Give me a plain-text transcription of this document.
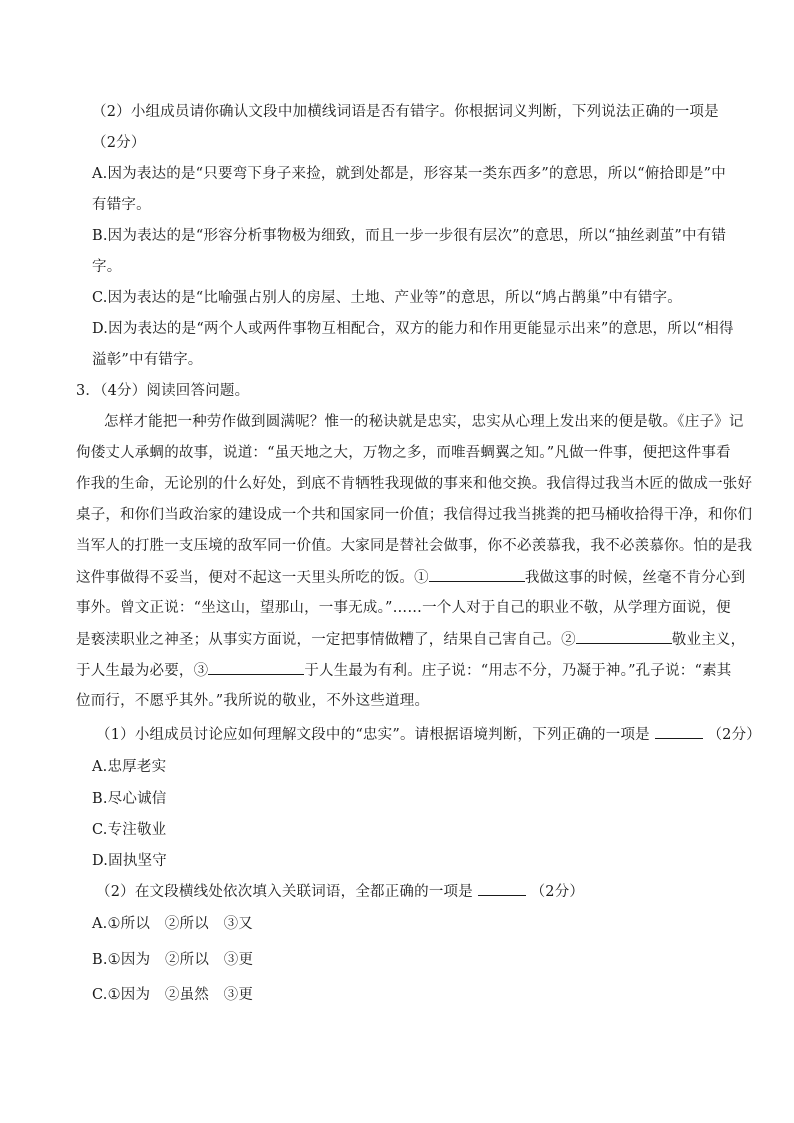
（2）小组成员请你确认文段中加横线词语是否有错字。你根据词义判断，下列说法正确的一项是
（2分）
A.因为表达的是“只要弯下身子来捡，就到处都是，形容某一类东西多”的意思，所以“俯拾即是”中
有错字。
B.因为表达的是“形容分析事物极为细致，而且一步一步很有层次”的意思，所以“抽丝剥茧”中有错
字。
C.因为表达的是“比喻强占别人的房屋、土地、产业等”的意思，所以“鸠占鹊巢”中有错字。
D.因为表达的是“两个人或两件事物互相配合，双方的能力和作用更能显示出来”的意思，所以“相得
溢彰”中有错字。
3．（4分）阅读回答问题。
怎样才能把一种劳作做到圆满呢？惟一的秘诀就是忠实，忠实从心理上发出来的便是敬。《庄子》记
佝偻丈人承蜩的故事，说道：“虽天地之大，万物之多，而唯吾蜩翼之知。”凡做一件事，便把这件事看
作我的生命，无论别的什么好处，到底不肯牺牲我现做的事来和他交换。我信得过我当木匠的做成一张好
桌子，和你们当政治家的建设成一个共和国家同一价值；我信得过我当挑粪的把马桶收拾得干净，和你们
当军人的打胜一支压境的敌军同一价值。大家同是替社会做事，你不必羡慕我，我不必羡慕你。怕的是我
这件事做得不妥当，便对不起这一天里头所吃的饭。①	我做这事的时候，丝毫不肯分心到
事外。曾文正说：“坐这山，望那山，一事无成。”……一个人对于自己的职业不敬，从学理方面说，便
是亵渎职业之神圣；从事实方面说，一定把事情做糟了，结果自己害自己。②	敬业主义，
于人生最为必要，③	于人生最为有利。庄子说：“用志不分，乃凝于神。”孔子说：“素其
位而行，不愿乎其外。”我所说的敬业，不外这些道理。
（1）小组成员讨论应如何理解文段中的“忠实”。请根据语境判断，下列正确的一项是	（2分）
A.忠厚老实
B.尽心诚信
C.专注敬业
D.固执坚守
（2）在文段横线处依次填入关联词语，全都正确的一项是	（2分）
A.①所以　②所以　③又
B.①因为　②所以　③更
C.①因为　②虽然　③更
